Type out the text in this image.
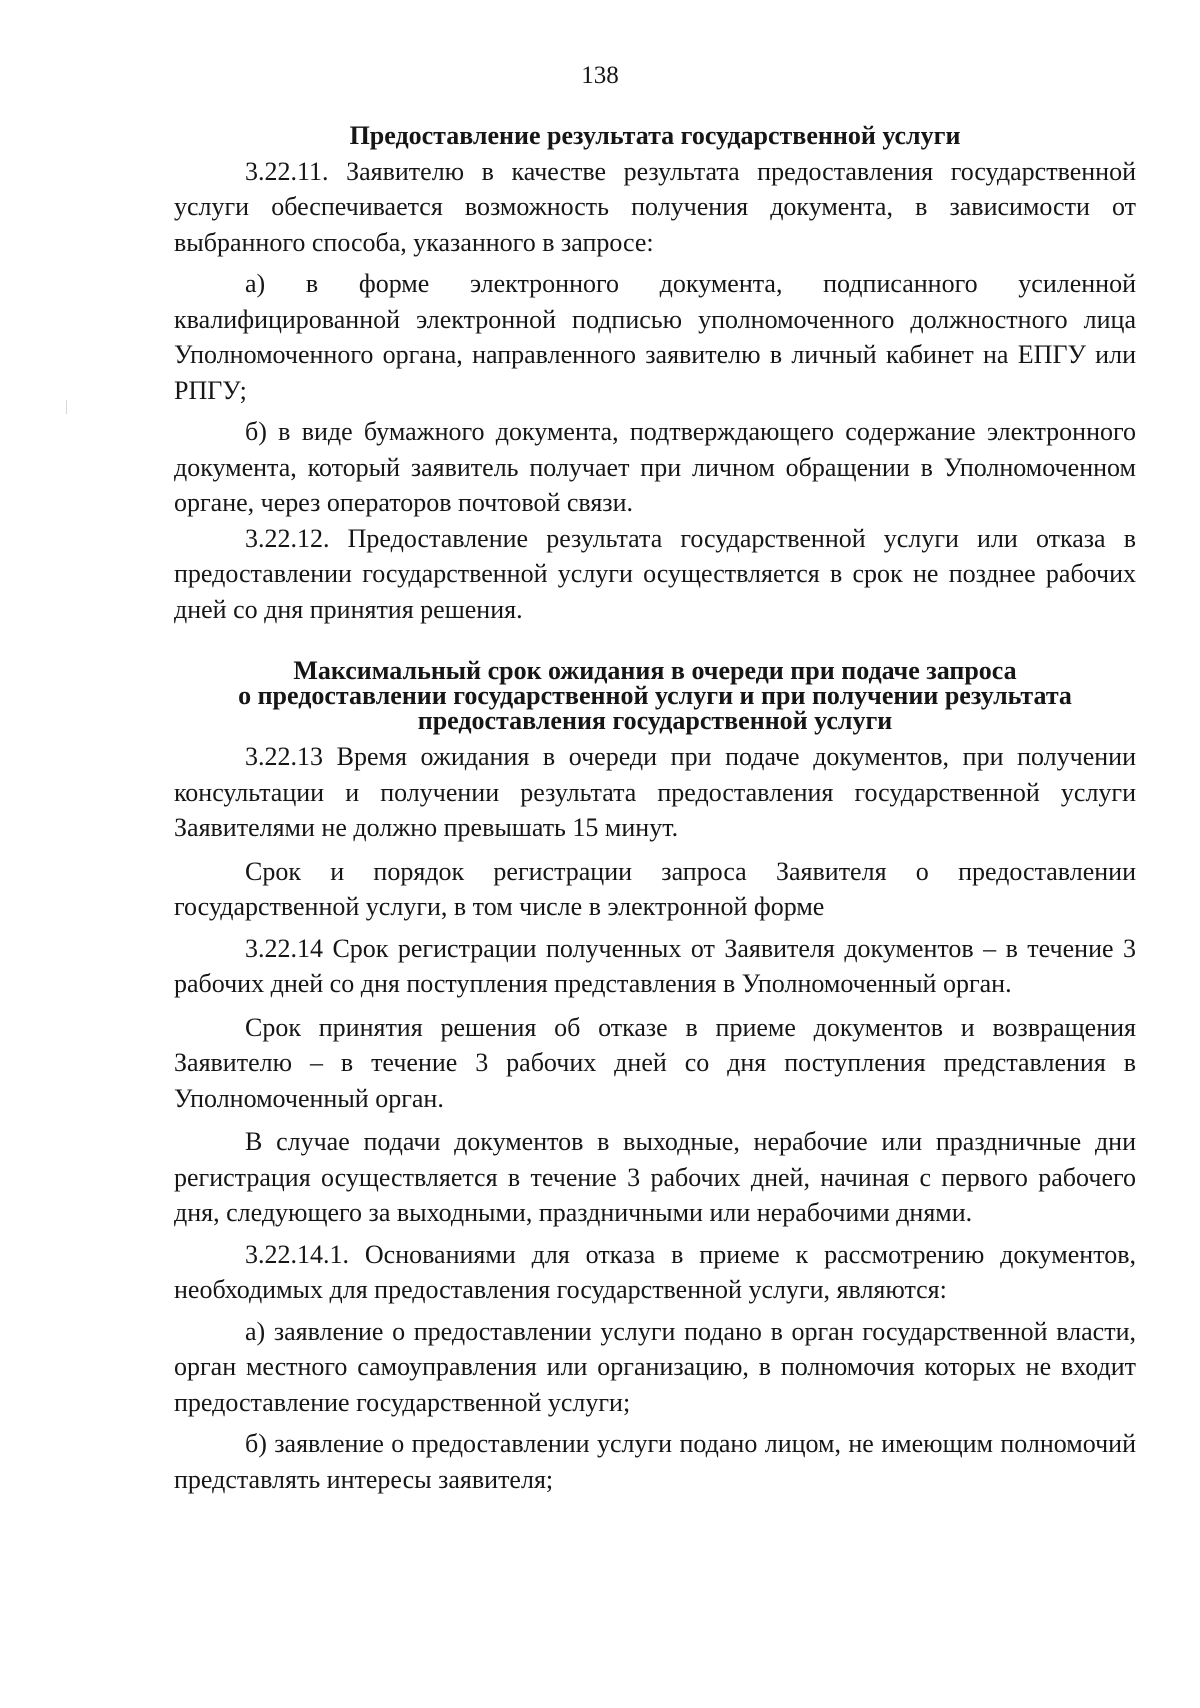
138

Предоставление результата государственной услуги

3.22.11. Заявителю в качестве результата предоставления государственной услуги обеспечивается возможность получения документа, в зависимости от выбранного способа, указанного в запросе:

а) в форме электронного документа, подписанного усиленной квалифицированной электронной подписью уполномоченного должностного лица Уполномоченного органа, направленного заявителю в личный кабинет на ЕПГУ или РПГУ;

б) в виде бумажного документа, подтверждающего содержание электронного документа, который заявитель получает при личном обращении в Уполномоченном органе, через операторов почтовой связи.

3.22.12. Предоставление результата государственной услуги или отказа в предоставлении государственной услуги осуществляется в срок не позднее рабочих дней со дня принятия решения.

Максимальный срок ожидания в очереди при подаче запроса
о предоставлении государственной услуги и при получении результата
предоставления государственной услуги

3.22.13 Время ожидания в очереди при подаче документов, при получении консультации и получении результата предоставления государственной услуги Заявителями не должно превышать 15 минут.

Срок и порядок регистрации запроса Заявителя о предоставлении государственной услуги, в том числе в электронной форме

3.22.14 Срок регистрации полученных от Заявителя документов – в течение 3 рабочих дней со дня поступления представления в Уполномоченный орган.

Срок принятия решения об отказе в приеме документов и возвращения Заявителю – в течение 3 рабочих дней со дня поступления представления в Уполномоченный орган.

В случае подачи документов в выходные, нерабочие или праздничные дни регистрация осуществляется в течение 3 рабочих дней, начиная с первого рабочего дня, следующего за выходными, праздничными или нерабочими днями.

3.22.14.1. Основаниями для отказа в приеме к рассмотрению документов, необходимых для предоставления государственной услуги, являются:

а) заявление о предоставлении услуги подано в орган государственной власти, орган местного самоуправления или организацию, в полномочия которых не входит предоставление государственной услуги;

б) заявление о предоставлении услуги подано лицом, не имеющим полномочий представлять интересы заявителя;
